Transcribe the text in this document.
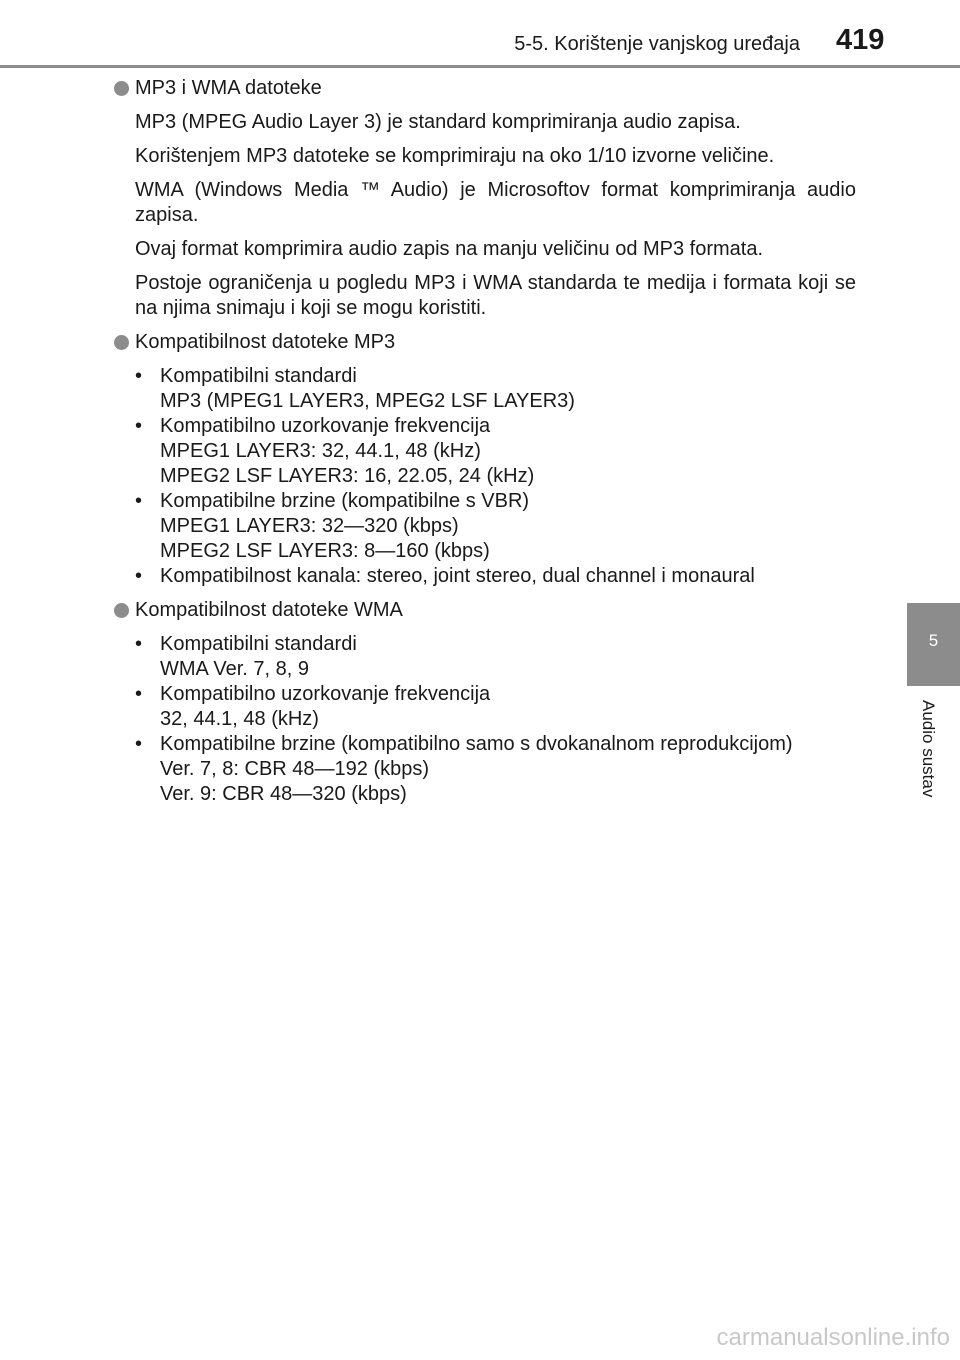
5-5. Korištenje vanjskog uređaja 419
5
Audio sustav

MP3 i WMA datoteke

MP3 (MPEG Audio Layer 3) je standard komprimiranja audio zapisa.

Korištenjem MP3 datoteke se komprimiraju na oko 1/10 izvorne veličine.

WMA (Windows Media ™ Audio) je Microsoftov format komprimiranja audio zapisa.

Ovaj format komprimira audio zapis na manju veličinu od MP3 formata.

Postoje ograničenja u pogledu MP3 i WMA standarda te medija i formata koji se na njima snimaju i koji se mogu koristiti.

Kompatibilnost datoteke MP3

• Kompatibilni standardi
MP3 (MPEG1 LAYER3, MPEG2 LSF LAYER3)
• Kompatibilno uzorkovanje frekvencija
MPEG1 LAYER3: 32, 44.1, 48 (kHz)
MPEG2 LSF LAYER3: 16, 22.05, 24 (kHz)
• Kompatibilne brzine (kompatibilne s VBR)
MPEG1 LAYER3: 32—320 (kbps)
MPEG2 LSF LAYER3: 8—160 (kbps)
• Kompatibilnost kanala: stereo, joint stereo, dual channel i monaural

Kompatibilnost datoteke WMA

• Kompatibilni standardi
WMA Ver. 7, 8, 9
• Kompatibilno uzorkovanje frekvencija
32, 44.1, 48 (kHz)
• Kompatibilne brzine (kompatibilno samo s dvokanalnom reprodukcijom)
Ver. 7, 8: CBR 48—192 (kbps)
Ver. 9: CBR 48—320 (kbps)
carmanualsonline.info
